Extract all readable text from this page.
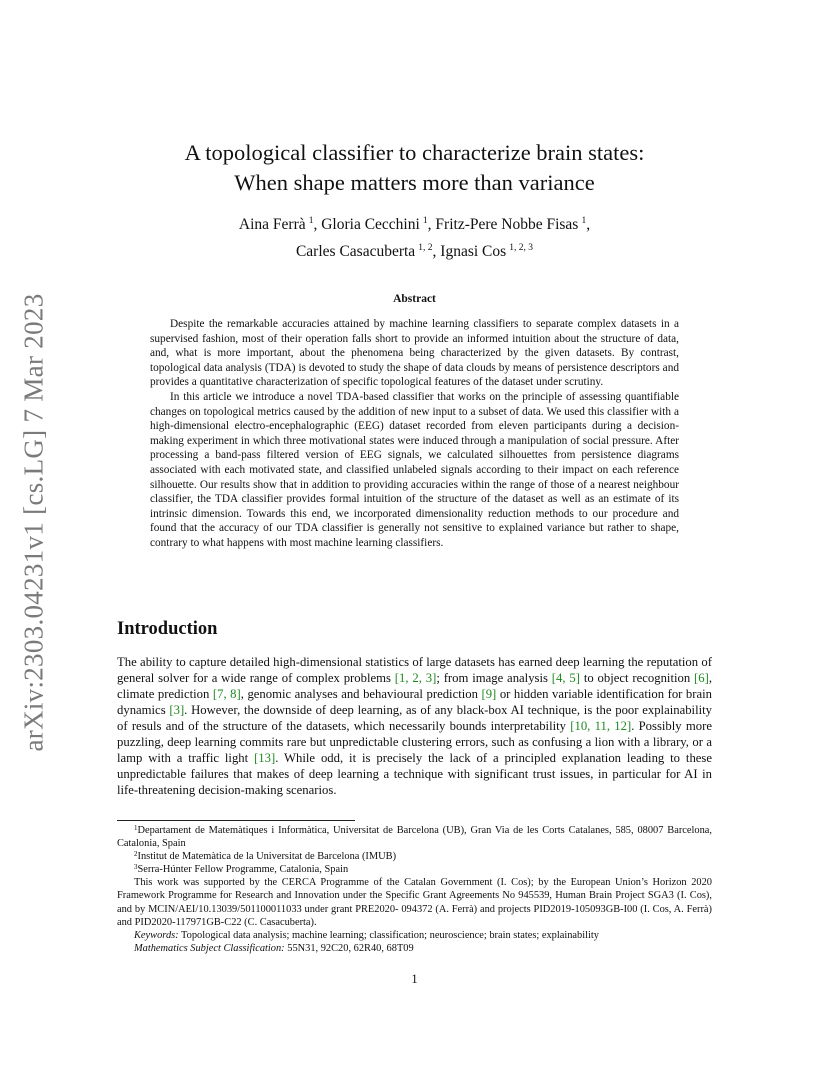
arXiv:2303.04231v1 [cs.LG] 7 Mar 2023
A topological classifier to characterize brain states:
When shape matters more than variance
Aina Ferrà  $^1$, Gloria Cecchini  $^1$, Fritz-Pere Nobbe Fisas  $^1$,
Carles Casacuberta  $^{1, 2}$, Ignasi Cos  $^{1, 2, 3}$
Abstract

Despite the remarkable accuracies attained by machine learning classifiers to separate complex datasets in a supervised fashion, most of their operation falls short to provide an informed intuition about the structure of data, and, what is more important, about the phenomena being characterized by the given datasets. By contrast, topological data analysis (TDA) is devoted to study the shape of data clouds by means of persistence descriptors and provides a quantitative characterization of specific topological features of the dataset under scrutiny.

In this article we introduce a novel TDA-based classifier that works on the principle of assessing quantifiable changes on topological metrics caused by the addition of new input to a subset of data. We used this classifier with a high-dimensional electro-encephalographic (EEG) dataset recorded from eleven participants during a decision-making experiment in which three motivational states were induced through a manipulation of social pressure. After processing a band-pass filtered version of EEG signals, we calculated silhouettes from persistence diagrams associated with each motivated state, and classified unlabeled signals according to their impact on each reference silhouette. Our results show that in addition to providing accuracies within the range of those of a nearest neighbour classifier, the TDA classifier provides formal intuition of the structure of the dataset as well as an estimate of its intrinsic dimension. Towards this end, we incorporated dimensionality reduction methods to our procedure and found that the accuracy of our TDA classifier is generally not sensitive to explained variance but rather to shape, contrary to what happens with most machine learning classifiers.

Introduction

The ability to capture detailed high-dimensional statistics of large datasets has earned deep learning the reputation of general solver for a wide range of complex problems [1, 2, 3]; from image analysis [4, 5] to object recognition [6], climate prediction [7, 8], genomic analyses and behavioural prediction [9] or hidden variable identification for brain dynamics [3]. However, the downside of deep learning, as of any black-box AI technique, is the poor explainability of resuls and of the structure of the datasets, which necessarily bounds interpretability [10, 11, 12]. Possibly more puzzling, deep learning commits rare but unpredictable clustering errors, such as confusing a lion with a library, or a lamp with a traffic light [13]. While odd, it is precisely the lack of a principled explanation leading to these unpredictable failures that makes of deep learning a technique with significant trust issues, in particular for AI in life-threatening decision-making scenarios.

$^1$Departament de Matemàtiques i Informàtica, Universitat de Barcelona (UB), Gran Via de les Corts Catalanes, 585, 08007 Barcelona, Catalonia, Spain

$^2$Institut de Matemàtica de la Universitat de Barcelona (IMUB)

$^3$Serra-Húnter Fellow Programme, Catalonia, Spain

This work was supported by the CERCA Programme of the Catalan Government (I. Cos); by the European Union’s Horizon 2020 Framework Programme for Research and Innovation under the Specific Grant Agreements No 945539, Human Brain Project SGA3 (I. Cos), and by MCIN/AEI/10.13039/501100011033 under grant PRE2020- 094372 (A. Ferrà) and projects PID2019-105093GB-I00 (I. Cos, A. Ferrà) and PID2020-117971GB-C22 (C. Casacuberta).

Keywords: Topological data analysis; machine learning; classification; neuroscience; brain states; explainability

Mathematics Subject Classification: 55N31, 92C20, 62R40, 68T09

1
